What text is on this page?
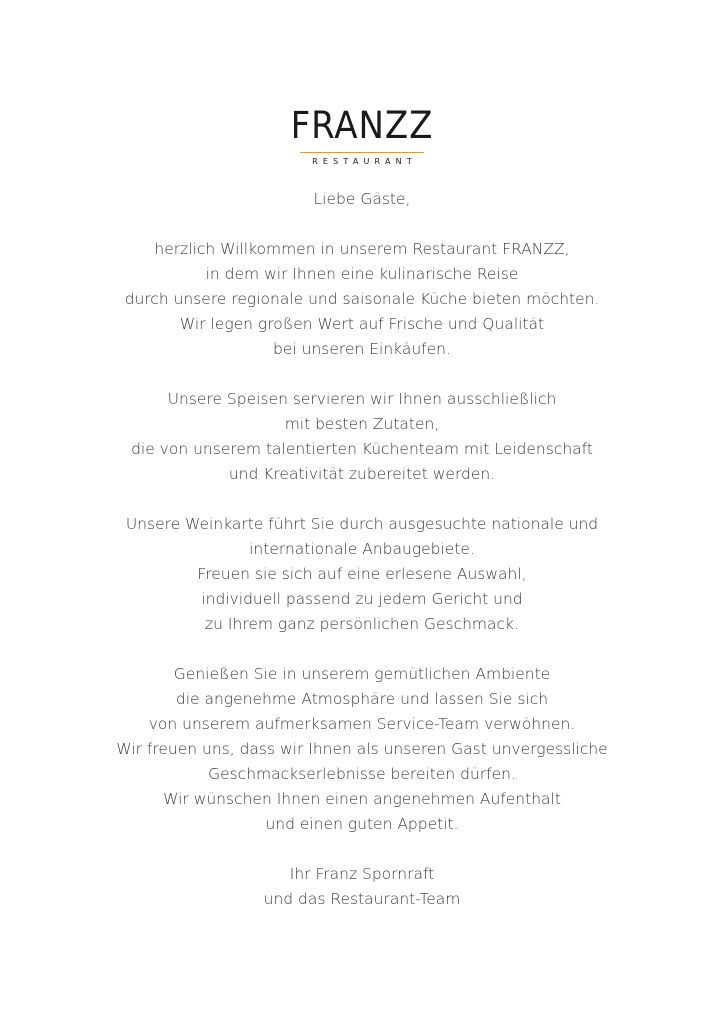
FRANZZ
RESTAURANT
Liebe Gäste,
herzlich Willkommen in unserem Restaurant FRANZZ,
in dem wir Ihnen eine kulinarische Reise
durch unsere regionale und saisonale Küche bieten möchten.
Wir legen großen Wert auf Frische und Qualität
bei unseren Einkäufen.
Unsere Speisen servieren wir Ihnen ausschließlich
mit besten Zutaten,
die von unserem talentierten Küchenteam mit Leidenschaft
und Kreativität zubereitet werden.
Unsere Weinkarte führt Sie durch ausgesuchte nationale und
internationale Anbaugebiete.
Freuen sie sich auf eine erlesene Auswahl,
individuell passend zu jedem Gericht und
zu Ihrem ganz persönlichen Geschmack.
Genießen Sie in unserem gemütlichen Ambiente
die angenehme Atmosphäre und lassen Sie sich
von unserem aufmerksamen Service-Team verwöhnen.
Wir freuen uns, dass wir Ihnen als unseren Gast unvergessliche
Geschmackserlebnisse bereiten dürfen.
Wir wünschen Ihnen einen angenehmen Aufenthalt
und einen guten Appetit.
Ihr Franz Spornraft
und das Restaurant-Team
